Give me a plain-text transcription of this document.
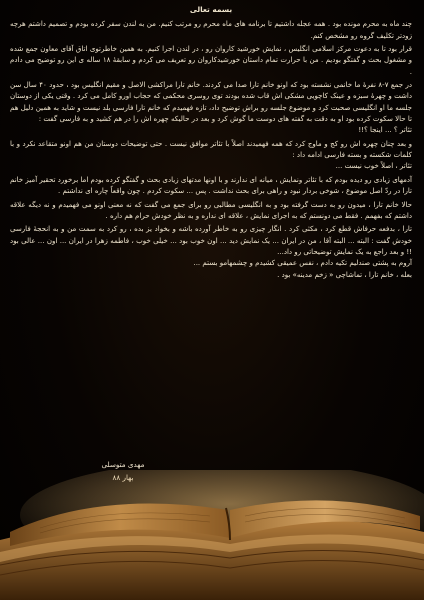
بسمه تعالی

چند ماه به محرم مونده بود . همه عجله داشتیم تا برنامه های ماه محرم رو مرتب کنیم. من به لندن سفر کرده بودم و تصمیم داشتم هرچه زودتر تکلیف گروه رو مشخص کنم.

قرار بود تا به دعوت مرکز اسلامی انگلیس ، نمایش خورشید کاروان رو ، در لندن اجرا کنیم. به همین خاطرتوی اتاق آقای معاون جمع شده و مشغول بحث و گفتگو بودیم . من با حرارت تمام داستان خورشیدکاروان رو تعریف می کردم و سابقۀ ۱۸ ساله ی این رو توضیح می دادم .

در جمع ۷-۸ نفرۀ ما خانمی نشسته بود که اونو خانم تارا صدا می کردند. خانم تارا مراکشی الاصل و مقیم انگلیس بود ، حدود ۴۰ سال سن داشت و چهرۀ سبزه و عینک کاچویی مشکی اش قاب شده بودند توی روسری محکمی که حجاب اورو کامل می کرد . وقتی یکی از دوستان جلسه ما او انگلیسی صحبت کرد و موضوع جلسه رو براش توضیح داد، تازه فهمیدم که خانم تارا فارسی بلد نیست و شاید به همین دلیل هم تا حالا سکوت کرده بود او به دقت به گفته های دوست ما گوش کرد و بعد در حالیکه چهره اش را در هم کشید و به فارسی گفت :

تئاتر ؟ ... اینجا ؟!!

و بعد چنان چهره اش رو کج و ماوج کرد که همه فهمیدند اصلاً با تئاتر موافق نیست . حتی توضیحات دوستان من هم اونو متقاعد نکرد و با کلمات شکسته و بسته فارسی ادامه داد :

تئاتر ، اصلاً خوب نیست ...

آدمهای زیادی رو دیده بودم که با تئاتر ونمایش ، میانه ای ندارند و با اونها مدتهای زیادی بحث و گفتگو کرده بودم اما برخورد تحقیر آمیز خانم تارا در ردّ اصل موضوع ، شوخی بردار نبود و راهی برای بحث نداشت . پس ... سکوت کردم . چون واقعاً چاره ای نداشتم .

حالا خانم تارا ، میدون رو به دست گرفته بود و به انگلیسی مطالبی رو برای جمع می گفت که نه معنی اونو می فهمیدم و نه دیگه علاقه داشتم که بفهمم . فقط می دونستم که به اجرای نمایش ، علاقه ای نداره و به نظر خودش حرام هم داره .

تارا ، بدفعه حرفاش قطع کرد ، مکثی کرد . انگار چیزی رو به خاطر آورده باشه و بخواد یز بده ، رو کرد به سمت من و به انحجۀ فارسی خودش گفت : البته ... البته آقا ، من در ایران ... یک نمایش دید ... اون خوب بود ... خیلی خوب ، فاطمه زهرا در ایران ... اون ... عالی بود !! و بعد راجع به یک نمایش توضیحاتی رو داد...

آروم به پشتی صندلیم تکیه دادم ، نفس عمیقی کشیدم و چشمهامو بستم ...

بعله ، خانم تارا ، تماشاچی « زخم مدینه» بود .

مهدی متوسلی
